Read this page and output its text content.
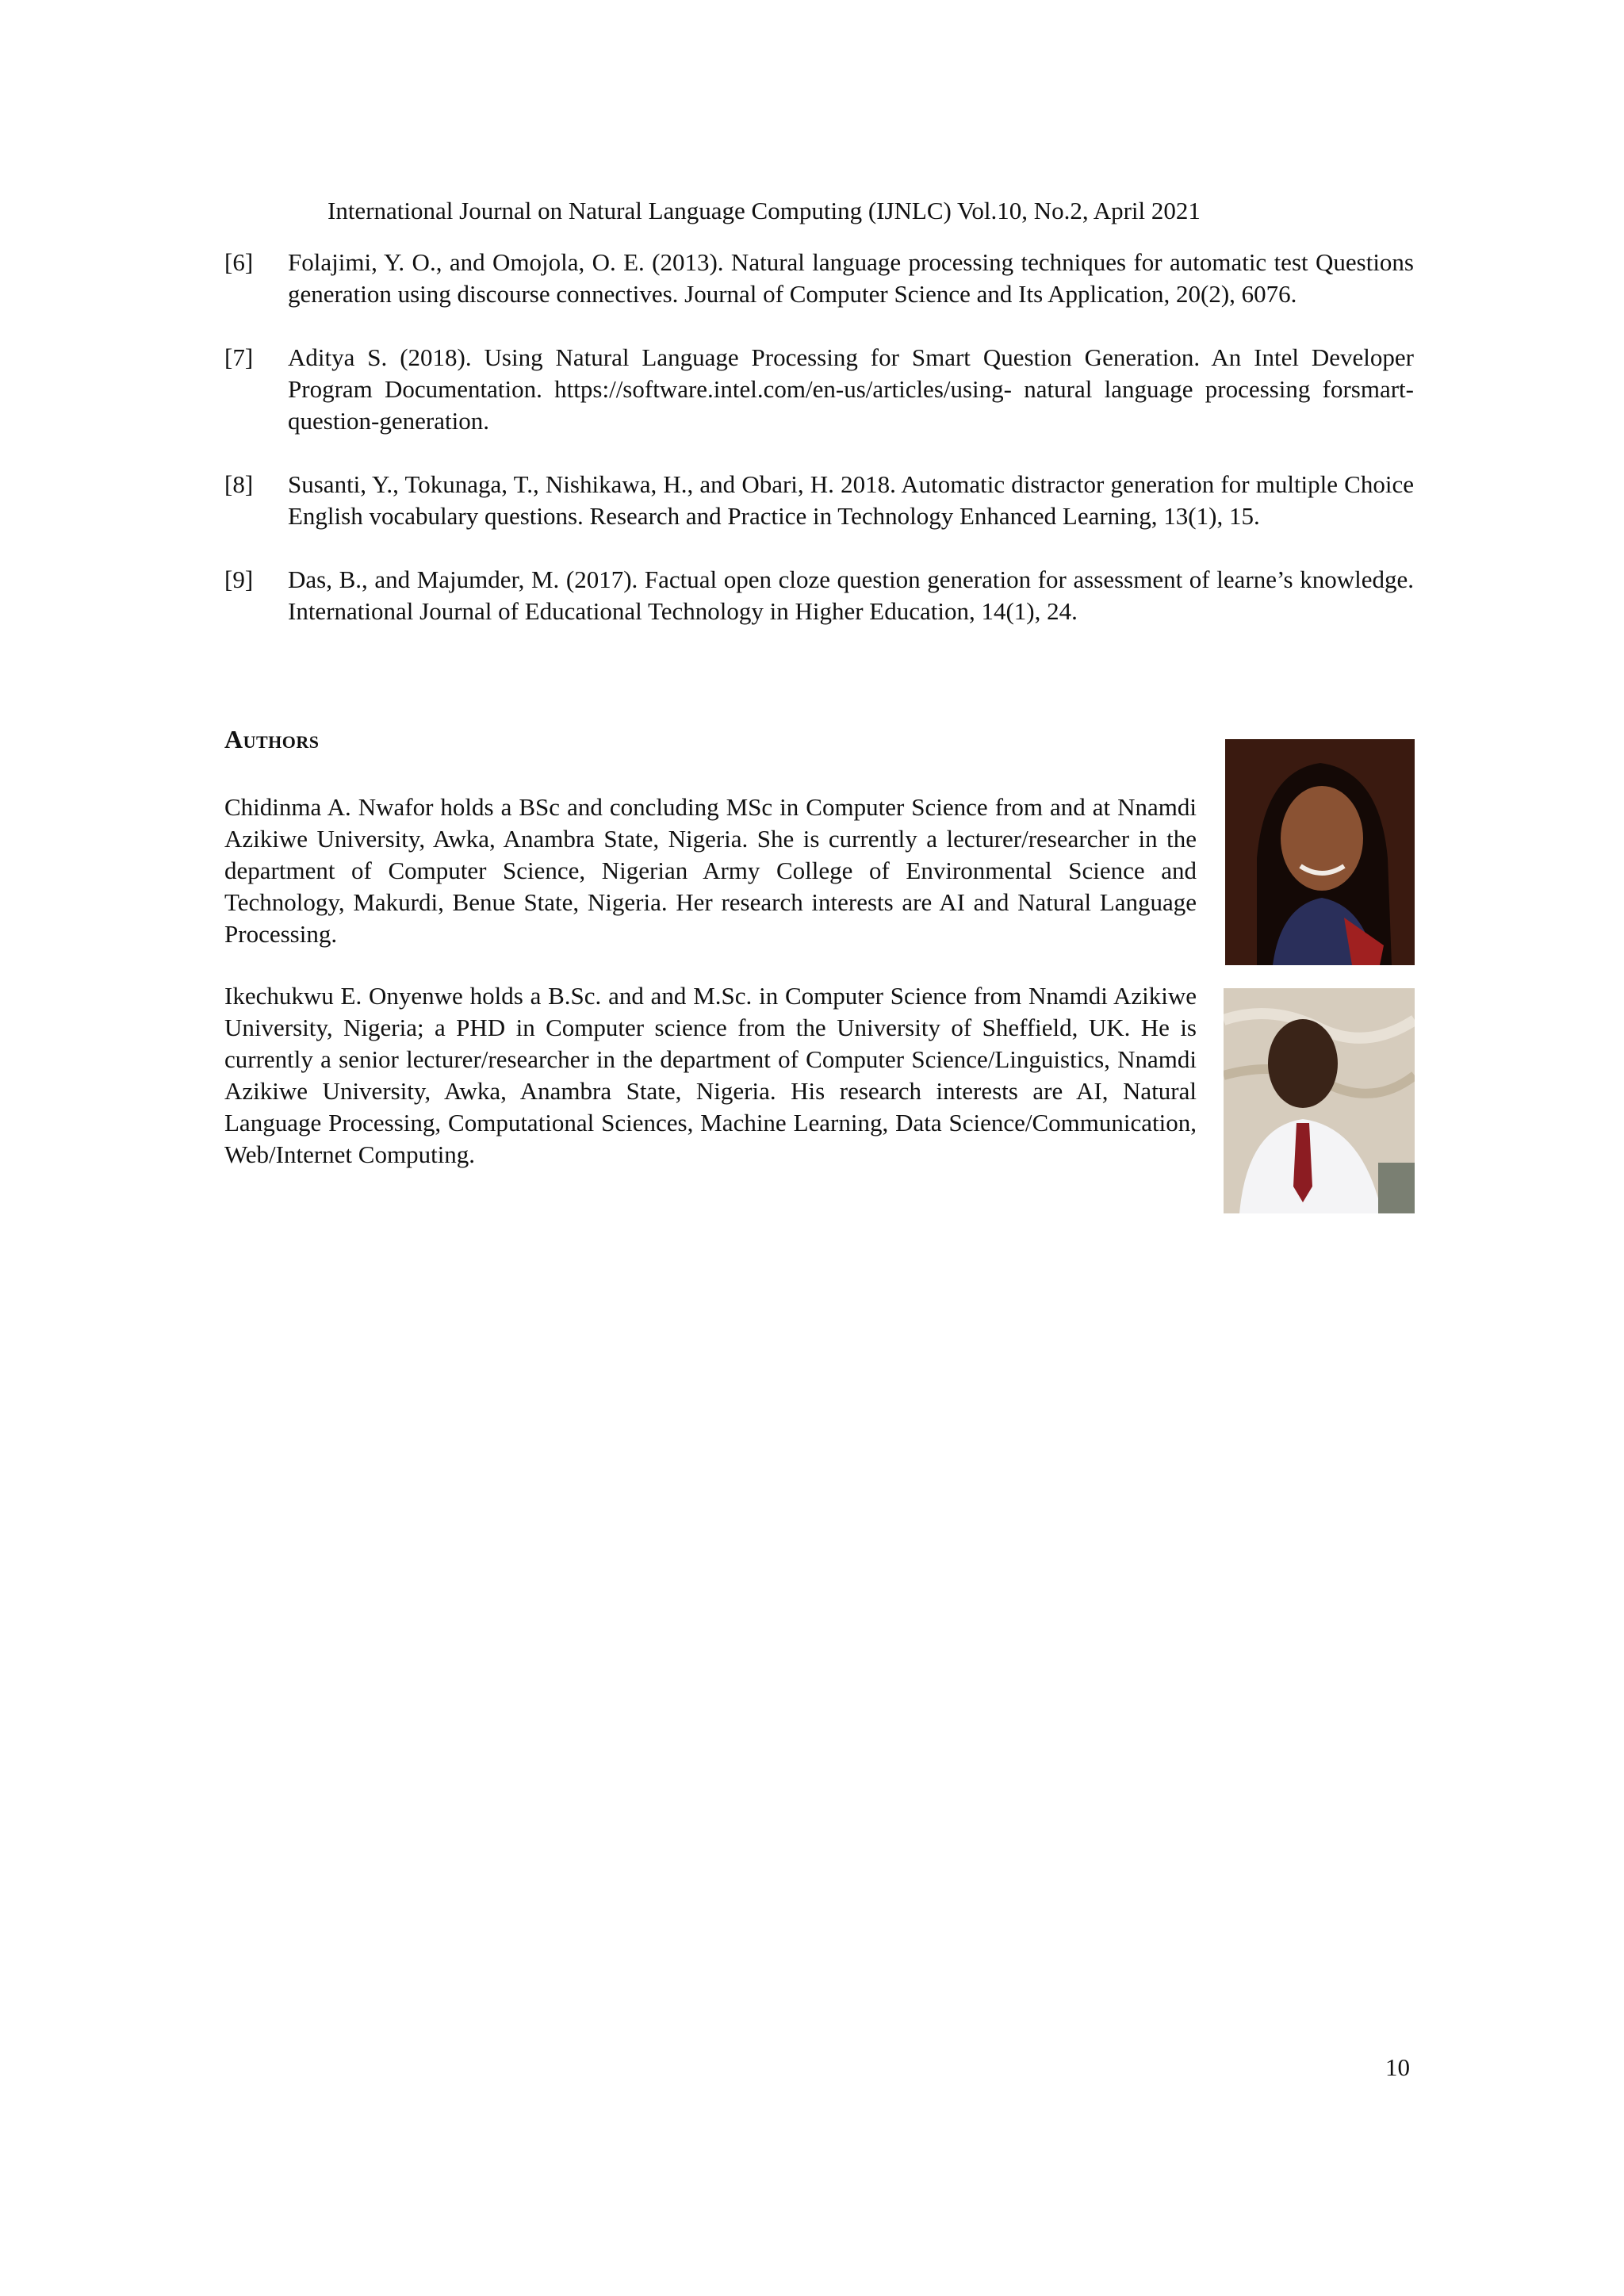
International Journal on Natural Language Computing (IJNLC) Vol.10, No.2, April 2021
[6] Folajimi, Y. O., and Omojola, O. E. (2013). Natural language processing techniques for automatic test Questions generation using discourse connectives. Journal of Computer Science and Its Application, 20(2), 6076.
[7] Aditya S. (2018). Using Natural Language Processing for Smart Question Generation. An Intel Developer Program Documentation. https://software.intel.com/en-us/articles/using- natural language processing forsmart-question-generation.
[8] Susanti, Y., Tokunaga, T., Nishikawa, H., and Obari, H. 2018. Automatic distractor generation for multiple Choice English vocabulary questions. Research and Practice in Technology Enhanced Learning, 13(1), 15.
[9] Das, B., and Majumder, M. (2017). Factual open cloze question generation for assessment of learne’s knowledge. International Journal of Educational Technology in Higher Education, 14(1), 24.
Authors
Chidinma A. Nwafor holds a BSc and concluding MSc in Computer Science from and at Nnamdi Azikiwe University, Awka, Anambra State, Nigeria. She is currently a lecturer/researcher in the department of Computer Science, Nigerian Army College of Environmental Science and Technology, Makurdi, Benue State, Nigeria. Her research interests are AI and Natural Language Processing.
Ikechukwu E. Onyenwe holds a B.Sc. and and M.Sc. in Computer Science from Nnamdi Azikiwe University, Nigeria; a PHD in Computer science from the University of Sheffield, UK. He is currently a senior lecturer/researcher in the department of Computer Science/Linguistics, Nnamdi Azikiwe University, Awka, Anambra State, Nigeria. His research interests are AI, Natural Language Processing, Computational Sciences, Machine Learning, Data Science/Communication, Web/Internet Computing.
10
